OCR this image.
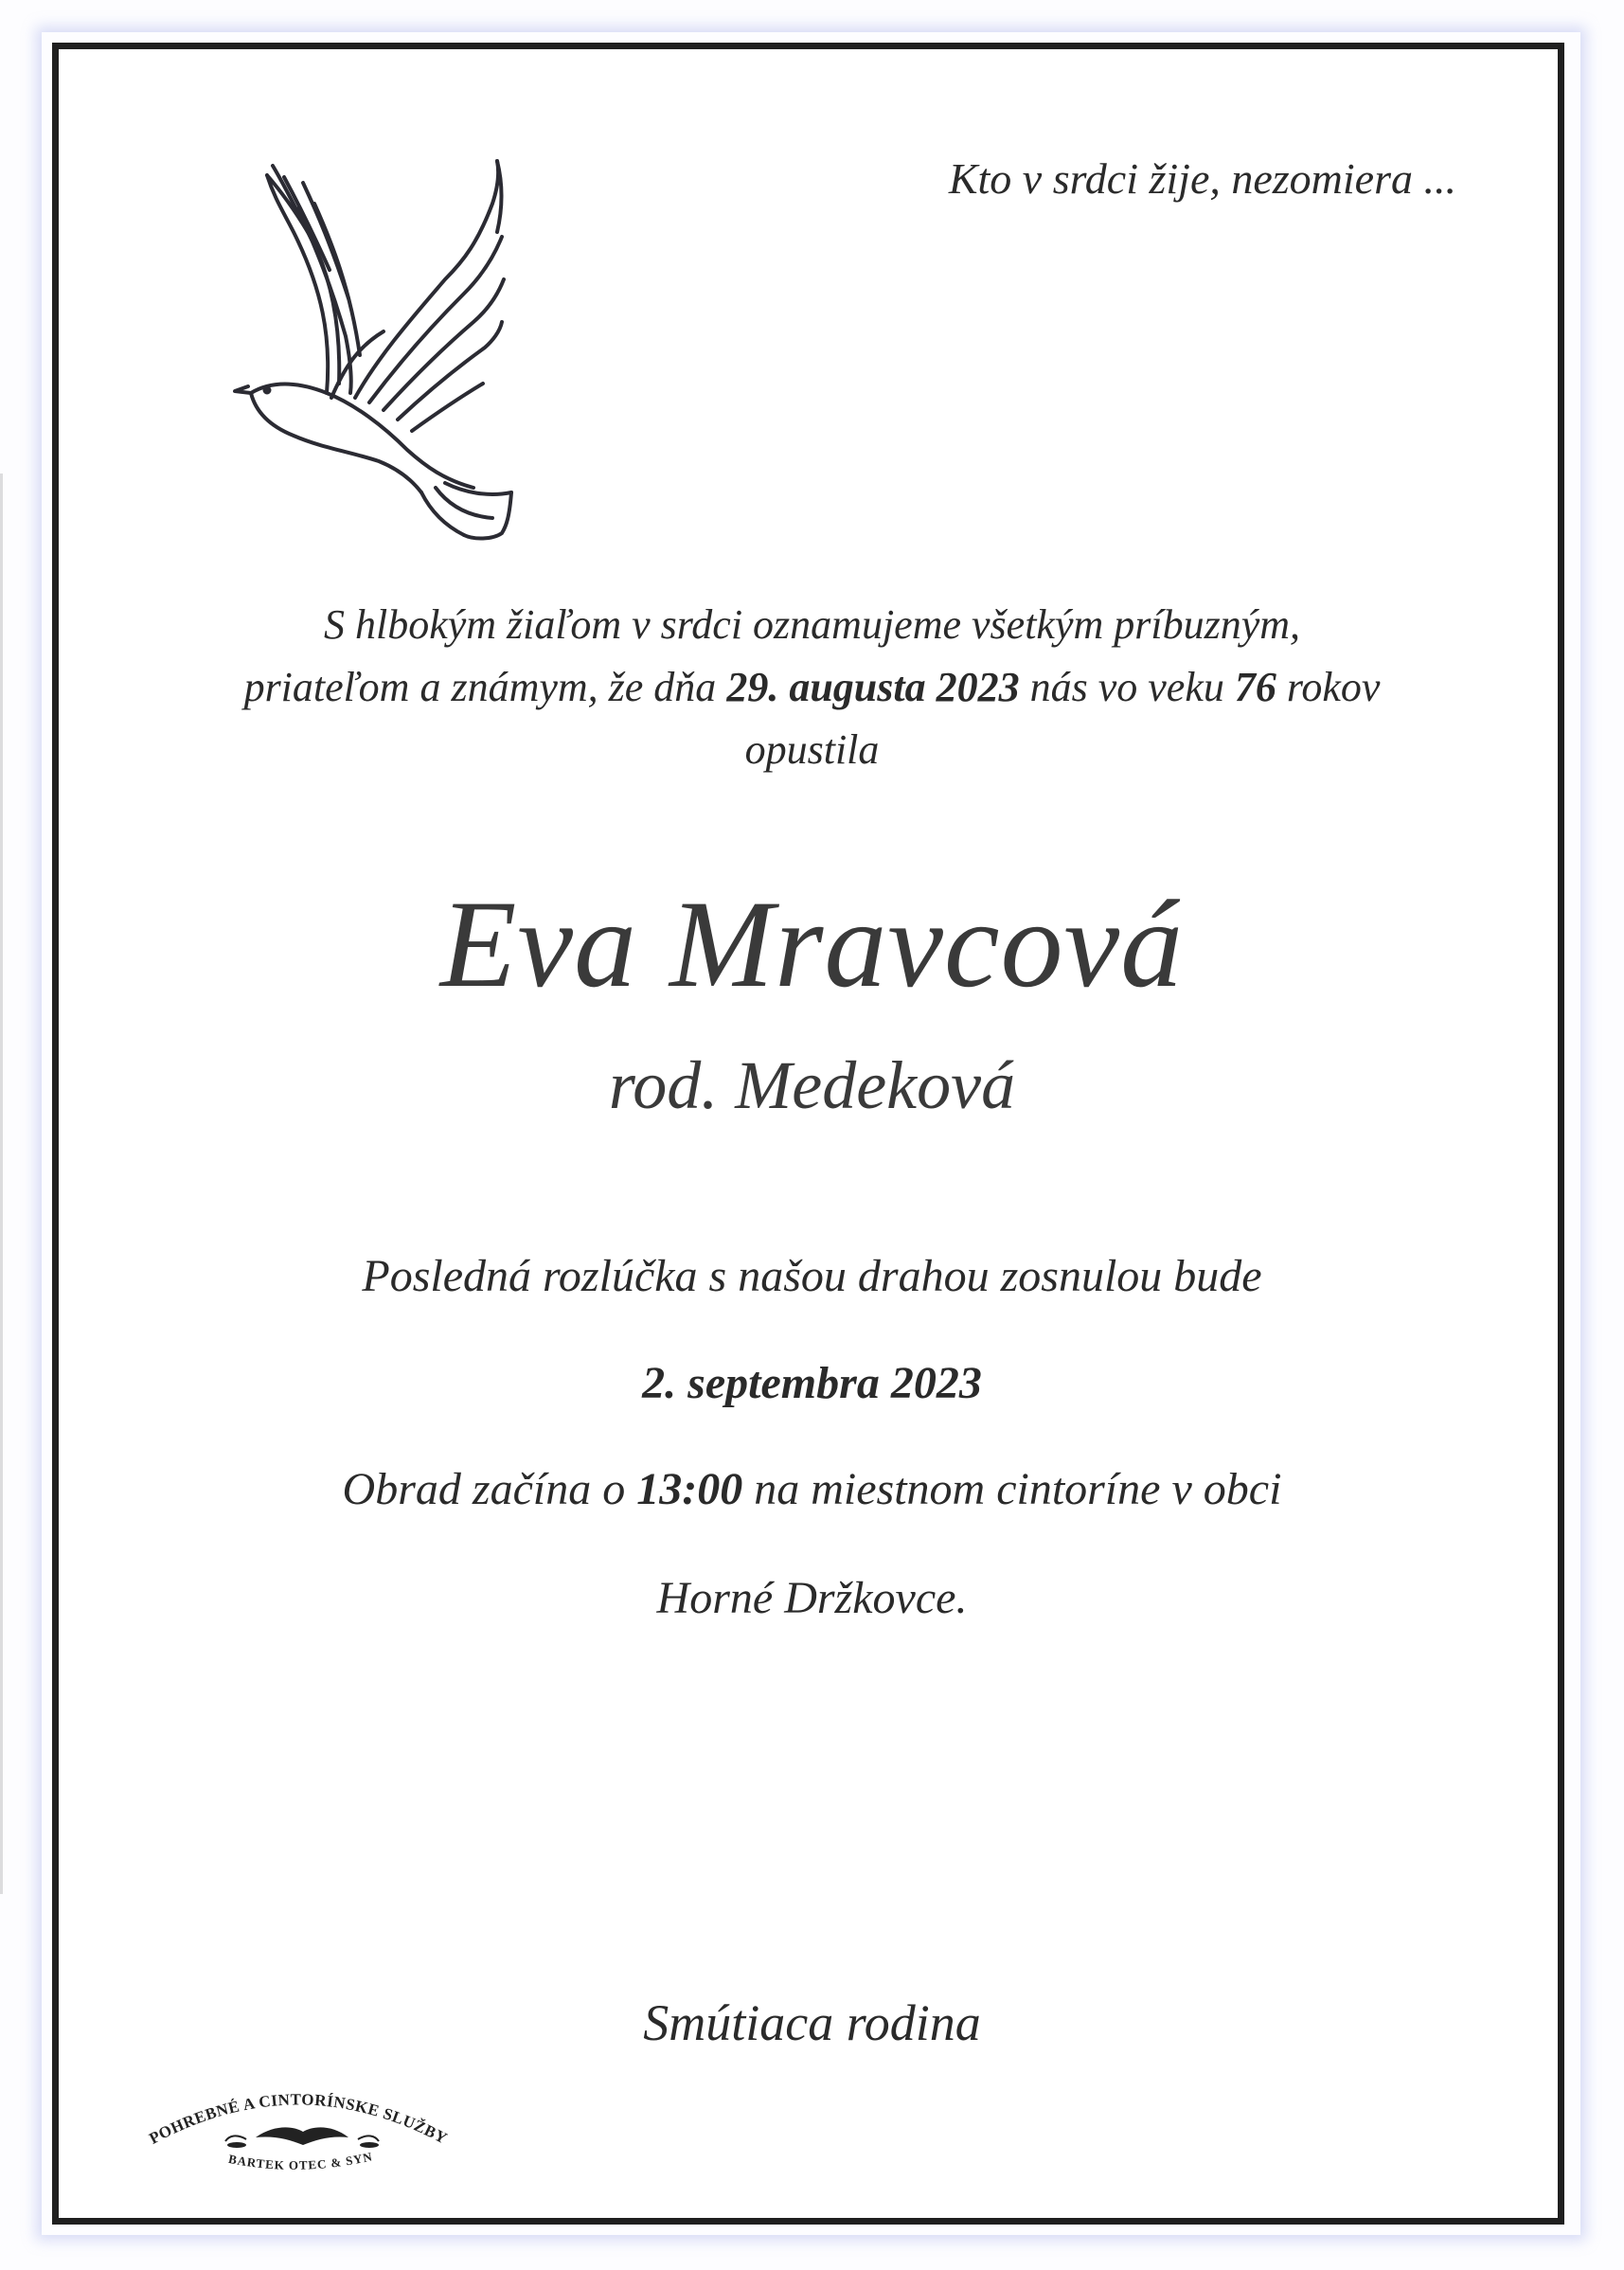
Kto v srdci žije, nezomiera ...
S hlbokým žiaľom v srdci oznamujeme všetkým príbuzným,
priateľom a známym, že dňa 29. augusta 2023 nás vo veku 76 rokov
opustila
Eva Mravcová
rod. Medeková
Posledná rozlúčka s našou drahou zosnulou bude
2. septembra 2023
Obrad začína o 13:00 na miestnom cintoríne v obci
Horné Držkovce.
Smútiaca rodina
POHREBNÉ A CINTORÍNSKE SLUŽBY
BARTEK OTEC & SYN
